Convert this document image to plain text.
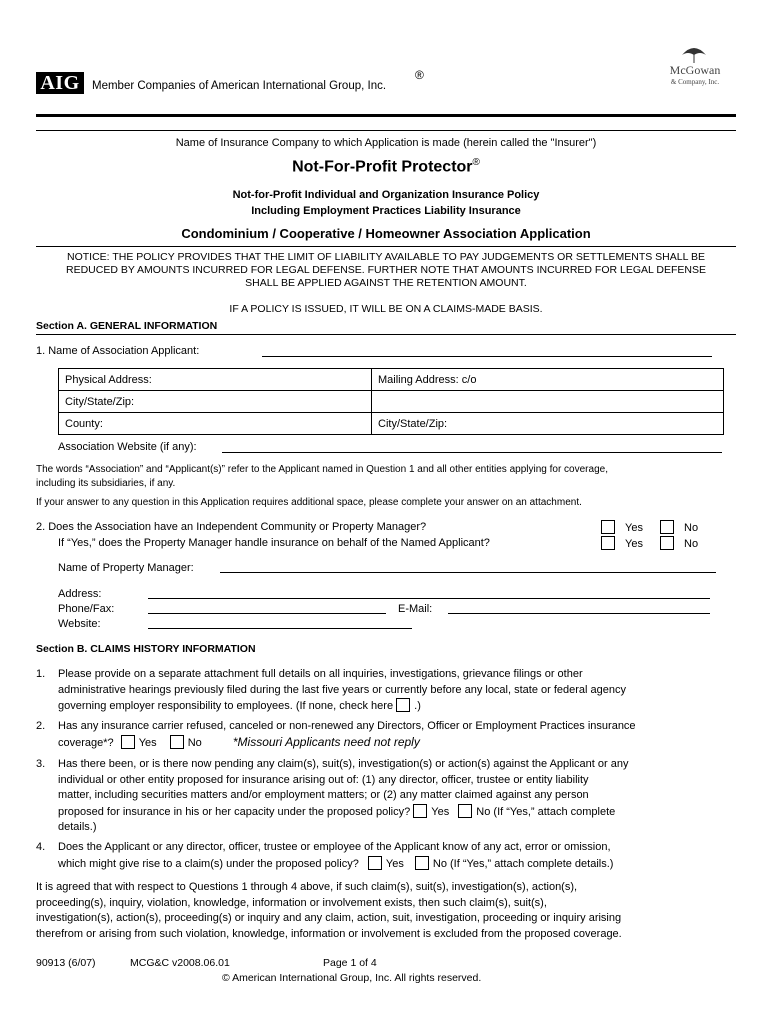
AIG	Member Companies of American International Group, Inc.
®	McGowan
& Company, Inc.
Name of Insurance Company to which Application is made (herein called the "Insurer")
Not-For-Profit Protector®
Not-for-Profit Individual and Organization Insurance Policy
Including Employment Practices Liability Insurance
Condominium / Cooperative / Homeowner Association Application
NOTICE: THE POLICY PROVIDES THAT THE LIMIT OF LIABILITY AVAILABLE TO PAY JUDGEMENTS OR SETTLEMENTS SHALL BE
REDUCED BY AMOUNTS INCURRED FOR LEGAL DEFENSE. FURTHER NOTE THAT AMOUNTS INCURRED FOR LEGAL DEFENSE
SHALL BE APPLIED AGAINST THE RETENTION AMOUNT.
IF A POLICY IS ISSUED, IT WILL BE ON A CLAIMS-MADE BASIS.
Section A. GENERAL INFORMATION
1. Name of Association Applicant:
Physical Address:	Mailing Address: c/o
City/State/Zip:	
County:	City/State/Zip:
Association Website (if any):
The words “Association” and “Applicant(s)” refer to the Applicant named in Question 1 and all other entities applying for coverage,
including its subsidiaries, if any.
If your answer to any question in this Application requires additional space, please complete your answer on an attachment.
2. Does the Association have an Independent Community or Property Manager?
If “Yes,” does the Property Manager handle insurance on behalf of the Named Applicant?
Yes	No
Yes	No
Name of Property Manager:
Address:
Phone/Fax:	E-Mail:
Website:
Section B. CLAIMS HISTORY INFORMATION
1. Please provide on a separate attachment full details on all inquiries, investigations, grievance filings or other
administrative hearings previously filed during the last five years or currently before any local, state or federal agency
governing employer responsibility to employees. (If none, check here .)
2. Has any insurance carrier refused, canceled or non-renewed any Directors, Officer or Employment Practices insurance
coverage*? Yes	No	*Missouri Applicants need not reply
3. Has there been, or is there now pending any claim(s), suit(s), investigation(s) or action(s) against the Applicant or any
individual or other entity proposed for insurance arising out of: (1) any director, officer, trustee or entity liability
matter, including securities matters and/or employment matters; or (2) any matter claimed against any person
proposed for insurance in his or her capacity under the proposed policy? Yes No (If “Yes,” attach complete
details.)
4. Does the Applicant or any director, officer, trustee or employee of the Applicant know of any act, error or omission,
which might give rise to a claim(s) under the proposed policy? Yes	No (If “Yes,” attach complete details.)
It is agreed that with respect to Questions 1 through 4 above, if such claim(s), suit(s), investigation(s), action(s),
proceeding(s), inquiry, violation, knowledge, information or involvement exists, then such claim(s), suit(s),
investigation(s), action(s), proceeding(s) or inquiry and any claim, action, suit, investigation, proceeding or inquiry arising
therefrom or arising from such violation, knowledge, information or involvement is excluded from the proposed coverage.
90913 (6/07)	MCG&C v2008.06.01	Page 1 of 4
© American International Group, Inc. All rights reserved.
